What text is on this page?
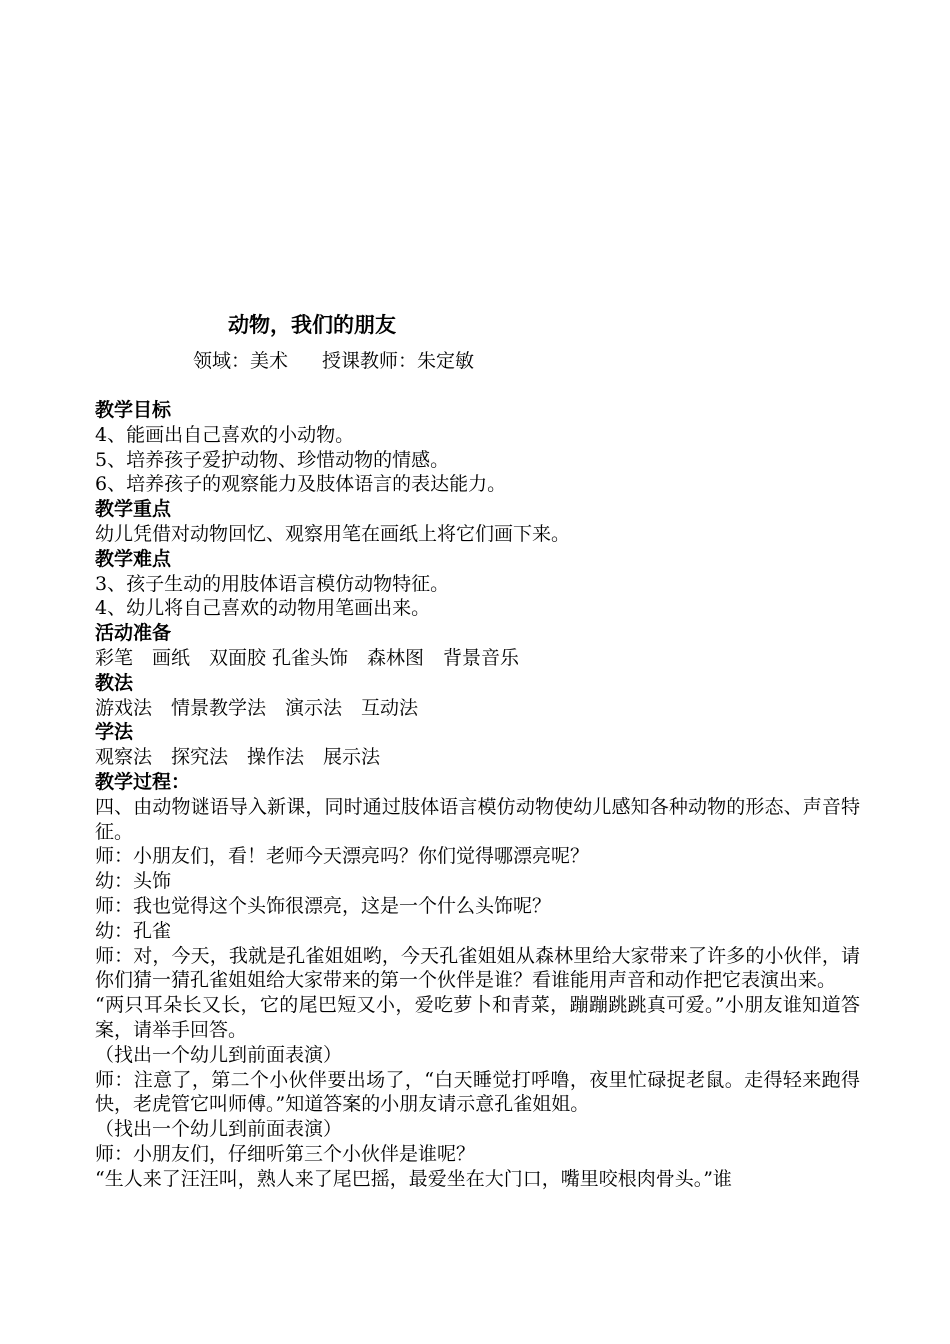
动物，我们的朋友
领域：美术 授课教师：朱定敏

教学目标

4、能画出自己喜欢的小动物。

5、培养孩子爱护动物、珍惜动物的情感。

6、培养孩子的观察能力及肢体语言的表达能力。

教学重点

幼儿凭借对动物回忆、观察用笔在画纸上将它们画下来。

教学难点

3、孩子生动的用肢体语言模仿动物特征。

4、幼儿将自己喜欢的动物用笔画出来。

活动准备

彩笔　画纸　双面胶 孔雀头饰　森林图　背景音乐

教法

游戏法　情景教学法　演示法　互动法

学法

观察法　探究法　操作法　展示法

教学过程：

四、由动物谜语导入新课，同时通过肢体语言模仿动物使幼儿感知各种动物的形态、声音特征。

师：小朋友们，看！老师今天漂亮吗？你们觉得哪漂亮呢？

幼：头饰

师：我也觉得这个头饰很漂亮，这是一个什么头饰呢？

幼：孔雀

师：对，今天，我就是孔雀姐姐哟，今天孔雀姐姐从森林里给大家带来了许多的小伙伴，请你们猜一猜孔雀姐姐给大家带来的第一个伙伴是谁？看谁能用声音和动作把它表演出来。

“两只耳朵长又长，它的尾巴短又小，爱吃萝卜和青菜，蹦蹦跳跳真可爱。”小朋友谁知道答案，请举手回答。

（找出一个幼儿到前面表演）

师：注意了，第二个小伙伴要出场了，“白天睡觉打呼噜，夜里忙碌捉老鼠。走得轻来跑得快，老虎管它叫师傅。”知道答案的小朋友请示意孔雀姐姐。

（找出一个幼儿到前面表演）

师：小朋友们，仔细听第三个小伙伴是谁呢？

“生人来了汪汪叫，熟人来了尾巴摇，最爱坐在大门口，嘴里咬根肉骨头。”谁
